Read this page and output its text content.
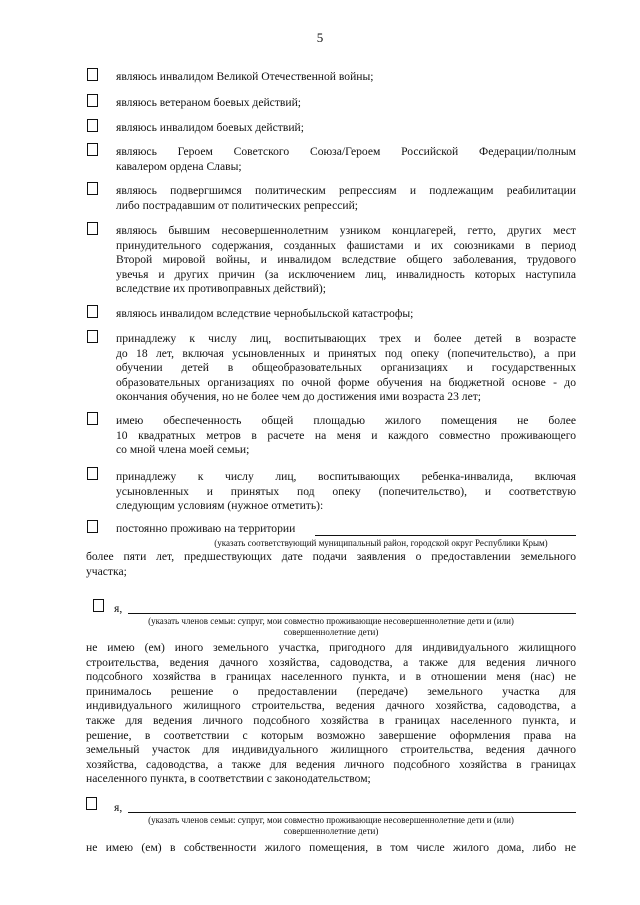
5
являюсь инвалидом Великой Отечественной войны;
являюсь ветераном боевых действий;
являюсь инвалидом боевых действий;
являюсь Героем Советского Союза/Героем Российской Федерации/полным
кавалером ордена Славы;
являюсь подвергшимся политическим репрессиям и подлежащим реабилитации
либо пострадавшим от политических репрессий;
являюсь бывшим несовершеннолетним узником концлагерей, гетто, других мест
принудительного содержания, созданных фашистами и их союзниками в период
Второй мировой войны, и инвалидом вследствие общего заболевания, трудового
увечья и других причин (за исключением лиц, инвалидность которых наступила
вследствие их противоправных действий);
являюсь инвалидом вследствие чернобыльской катастрофы;
принадлежу к числу лиц, воспитывающих трех и более детей в возрасте
до 18 лет, включая усыновленных и принятых под опеку (попечительство), а при
обучении детей в общеобразовательных организациях и государственных
образовательных организациях по очной форме обучения на бюджетной основе - до
окончания обучения, но не более чем до достижения ими возраста 23 лет;
имею обеспеченность общей площадью жилого помещения не более
10 квадратных метров в расчете на меня и каждого совместно проживающего
со мной члена моей семьи;
принадлежу к числу лиц, воспитывающих ребенка-инвалида, включая
усыновленных и принятых под опеку (попечительство), и соответствую
следующим условиям (нужное отметить):
постоянно проживаю на территории
(указать соответствующий муниципальный район, городской округ Республики Крым)
более пяти лет, предшествующих дате подачи заявления о предоставлении земельного
участка;
я,
(указать членов семьи: супруг, мои совместно проживающие несовершеннолетние дети и (или)
совершеннолетние дети)
не имею (ем) иного земельного участка, пригодного для индивидуального жилищного
строительства, ведения дачного хозяйства, садоводства, а также для ведения личного
подсобного хозяйства в границах населенного пункта, и в отношении меня (нас) не
принималось решение о предоставлении (передаче) земельного участка для
индивидуального жилищного строительства, ведения дачного хозяйства, садоводства, а
также для ведения личного подсобного хозяйства в границах населенного пункта, и
решение, в соответствии с которым возможно завершение оформления права на
земельный участок для индивидуального жилищного строительства, ведения дачного
хозяйства, садоводства, а также для ведения личного подсобного хозяйства в границах
населенного пункта, в соответствии с законодательством;
я,
(указать членов семьи: супруг, мои совместно проживающие несовершеннолетние дети и (или)
совершеннолетние дети)
не имею (ем) в собственности жилого помещения, в том числе жилого дома, либо не
